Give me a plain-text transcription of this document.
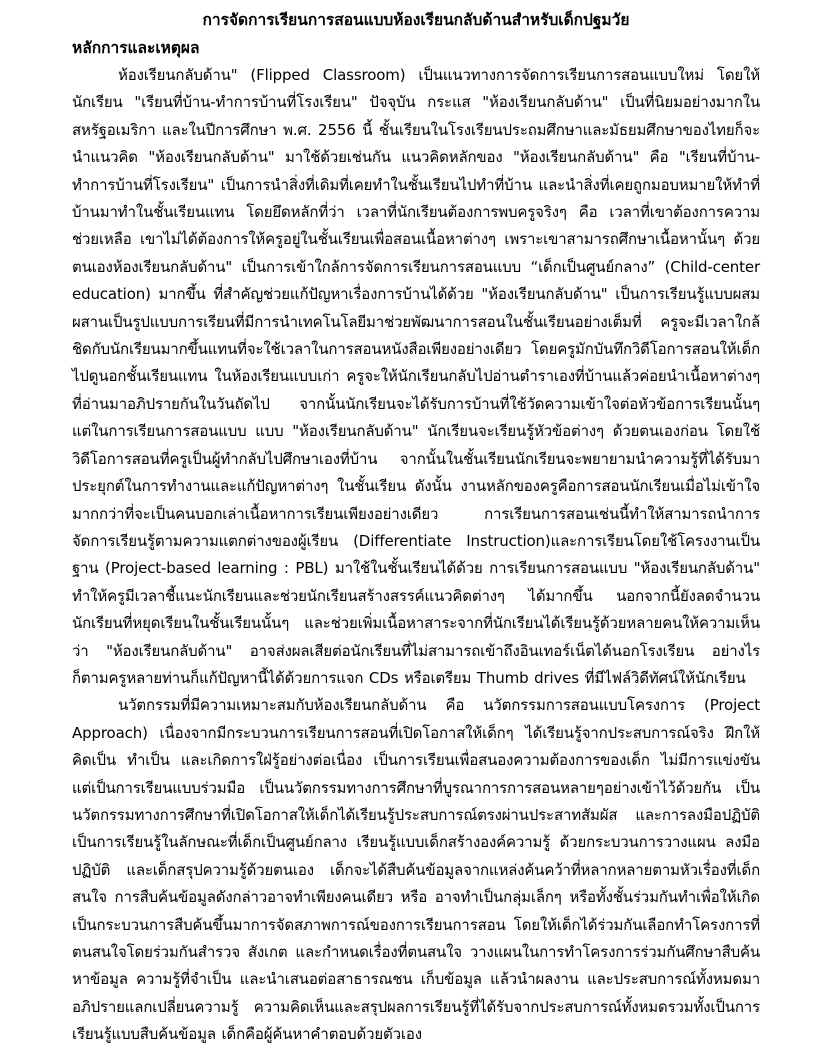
การจัดการเรียนการสอนแบบห้องเรียนกลับด้านสำหรับเด็กปฐมวัย
หลักการและเหตุผล

ห้องเรียนกลับด้าน" (Flipped Classroom) เป็นแนวทางการจัดการเรียนการสอนแบบใหม่ โดยให้นักเรียน "เรียนที่บ้าน-ทำการบ้านที่โรงเรียน" ปัจจุบัน กระแส "ห้องเรียนกลับด้าน" เป็นที่นิยมอย่างมากในสหรัฐอเมริกา และในปีการศึกษา พ.ศ. 2556 นี้ ชั้นเรียนในโรงเรียนประถมศึกษาและมัธยมศึกษาของไทยก็จะนำแนวคิด "ห้องเรียนกลับด้าน" มาใช้ด้วยเช่นกัน แนวคิดหลักของ "ห้องเรียนกลับด้าน" คือ "เรียนที่บ้าน-ทำการบ้านที่โรงเรียน" เป็นการนำสิ่งที่เดิมที่เคยทำในชั้นเรียนไปทำที่บ้าน และนำสิ่งที่เคยถูกมอบหมายให้ทำที่บ้านมาทำในชั้นเรียนแทน โดยยึดหลักที่ว่า เวลาที่นักเรียนต้องการพบครูจริงๆ คือ เวลาที่เขาต้องการความช่วยเหลือ เขาไม่ได้ต้องการให้ครูอยู่ในชั้นเรียนเพื่อสอนเนื้อหาต่างๆ เพราะเขาสามารถศึกษาเนื้อหานั้นๆ ด้วยตนเองห้องเรียนกลับด้าน" เป็นการเข้าใกล้การจัดการเรียนการสอนแบบ “เด็กเป็นศูนย์กลาง” (Child-center education) มากขึ้น ที่สำคัญช่วยแก้ปัญหาเรื่องการบ้านได้ด้วย "ห้องเรียนกลับด้าน" เป็นการเรียนรู้แบบผสมผสานเป็นรูปแบบการเรียนที่มีการนำเทคโนโลยีมาช่วยพัฒนาการสอนในชั้นเรียนอย่างเต็มที่ ครูจะมีเวลาใกล้ชิดกับนักเรียนมากขึ้นแทนที่จะใช้เวลาในการสอนหนังสือเพียงอย่างเดียว โดยครูมักบันทึกวิดีโอการสอนให้เด็กไปดูนอกชั้นเรียนแทน ในห้องเรียนแบบเก่า ครูจะให้นักเรียนกลับไปอ่านตำราเองที่บ้านแล้วค่อยนำเนื้อหาต่างๆ ที่อ่านมาอภิปรายกันในวันถัดไป จากนั้นนักเรียนจะได้รับการบ้านที่ใช้วัดความเข้าใจต่อหัวข้อการเรียนนั้นๆ แต่ในการเรียนการสอนแบบ แบบ "ห้องเรียนกลับด้าน" นักเรียนจะเรียนรู้หัวข้อต่างๆ ด้วยตนเองก่อน โดยใช้วิดีโอการสอนที่ครูเป็นผู้ทำกลับไปศึกษาเองที่บ้าน จากนั้นในชั้นเรียนนักเรียนจะพยายามนำความรู้ที่ได้รับมาประยุกต์ในการทำงานและแก้ปัญหาต่างๆ ในชั้นเรียน ดังนั้น งานหลักของครูคือการสอนนักเรียนเมื่อไม่เข้าใจ มากกว่าที่จะเป็นคนบอกเล่าเนื้อหาการเรียนเพียงอย่างเดียว การเรียนการสอนเช่นนี้ทำให้สามารถนำการจัดการเรียนรู้ตามความแตกต่างของผู้เรียน (Differentiate Instruction)และการเรียนโดยใช้โครงงานเป็นฐาน (Project-based learning : PBL) มาใช้ในชั้นเรียนได้ด้วย การเรียนการสอนแบบ "ห้องเรียนกลับด้าน" ทำให้ครูมีเวลาชี้แนะนักเรียนและช่วยนักเรียนสร้างสรรค์แนวคิดต่างๆ ได้มากขึ้น นอกจากนี้ยังลดจำนวนนักเรียนที่หยุดเรียนในชั้นเรียนนั้นๆ และช่วยเพิ่มเนื้อหาสาระจากที่นักเรียนได้เรียนรู้ด้วยหลายคนให้ความเห็นว่า "ห้องเรียนกลับด้าน" อาจส่งผลเสียต่อนักเรียนที่ไม่สามารถเข้าถึงอินเทอร์เน็ตได้นอกโรงเรียน อย่างไรก็ตามครูหลายท่านก็แก้ปัญหานี้ได้ด้วยการแจก CDs หรือเตรียม Thumb drives ที่มีไฟล์วิดีทัศน์ให้นักเรียน

นวัตกรรมที่มีความเหมาะสมกับห้องเรียนกลับด้าน คือ นวัตกรรมการสอนแบบโครงการ (Project Approach) เนื่องจากมีกระบวนการเรียนการสอนที่เปิดโอกาสให้เด็กๆ ได้เรียนรู้จากประสบการณ์จริง ฝึกให้คิดเป็น ทำเป็น และเกิดการใฝ่รู้อย่างต่อเนื่อง เป็นการเรียนเพื่อสนองความต้องการของเด็ก ไม่มีการแข่งขัน แต่เป็นการเรียนแบบร่วมมือ เป็นนวัตกรรมทางการศึกษาที่บูรณาการการสอนหลายๆอย่างเข้าไว้ด้วยกัน เป็นนวัตกรรมทางการศึกษาที่เปิดโอกาสให้เด็กได้เรียนรู้ประสบการณ์ตรงผ่านประสาทสัมผัส และการลงมือปฏิบัติ เป็นการเรียนรู้ในลักษณะที่เด็กเป็นศูนย์กลาง เรียนรู้แบบเด็กสร้างองค์ความรู้ ด้วยกระบวนการวางแผน ลงมือปฏิบัติ และเด็กสรุปความรู้ด้วยตนเอง เด็กจะได้สืบค้นข้อมูลจากแหล่งค้นคว้าที่หลากหลายตามหัวเรื่องที่เด็กสนใจ การสืบค้นข้อมูลดังกล่าวอาจทำเพียงคนเดียว หรือ อาจทำเป็นกลุ่มเล็กๆ หรือทั้งชั้นร่วมกันทำเพื่อให้เกิดเป็นกระบวนการสืบค้นขึ้นมาการจัดสภาพการณ์ของการเรียนการสอน โดยให้เด็กได้ร่วมกันเลือกทำโครงการที่ตนสนใจโดยร่วมกันสำรวจ สังเกต และกำหนดเรื่องที่ตนสนใจ วางแผนในการทำโครงการร่วมกันศึกษาสืบค้น หาข้อมูล ความรู้ที่จำเป็น และนำเสนอต่อสาธารณชน เก็บข้อมูล แล้วนำผลงาน และประสบการณ์ทั้งหมดมาอภิปรายแลกเปลี่ยนความรู้ ความคิดเห็นและสรุปผลการเรียนรู้ที่ได้รับจากประสบการณ์ทั้งหมดรวมทั้งเป็นการเรียนรู้แบบสืบค้นข้อมูล เด็กคือผู้ค้นหาคำตอบด้วยตัวเอง
